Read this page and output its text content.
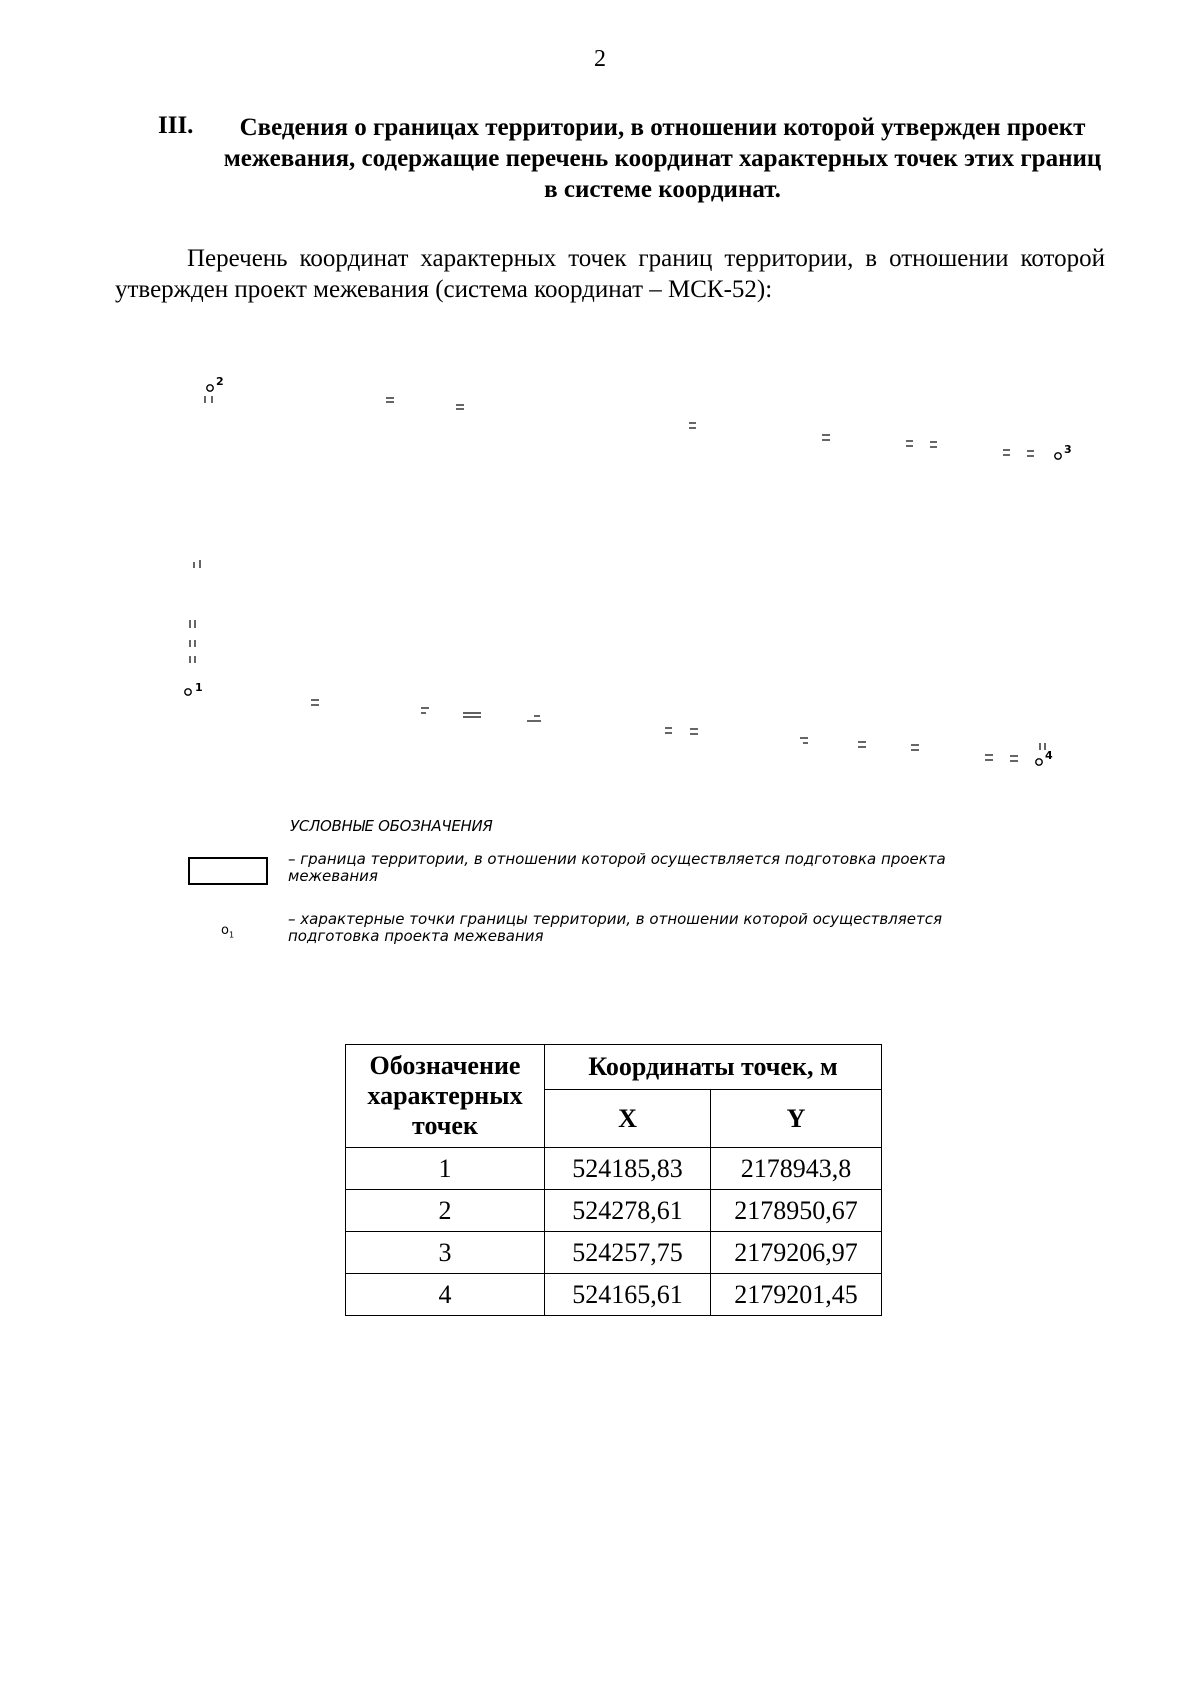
2
III.	Сведения о границах территории, в отношении которой утвержден проект межевания, содержащие перечень координат характерных точек этих границ в системе координат.
Перечень координат характерных точек границ территории, в отношении которой утвержден проект межевания (система координат – МСК-52):
1
2
3
4
УСЛОВНЫЕ ОБОЗНАЧЕНИЯ
– граница территории, в отношении которой осуществляется подготовка проекта межевания
$о_1$
– характерные точки границы территории, в отношении которой осуществляется подготовка проекта межевания
Обозначение характерных точек	Координаты точек, м	
	X	Y
1	524185,83	2178943,8
2	524278,61	2178950,67
3	524257,75	2179206,97
4	524165,61	2179201,45
